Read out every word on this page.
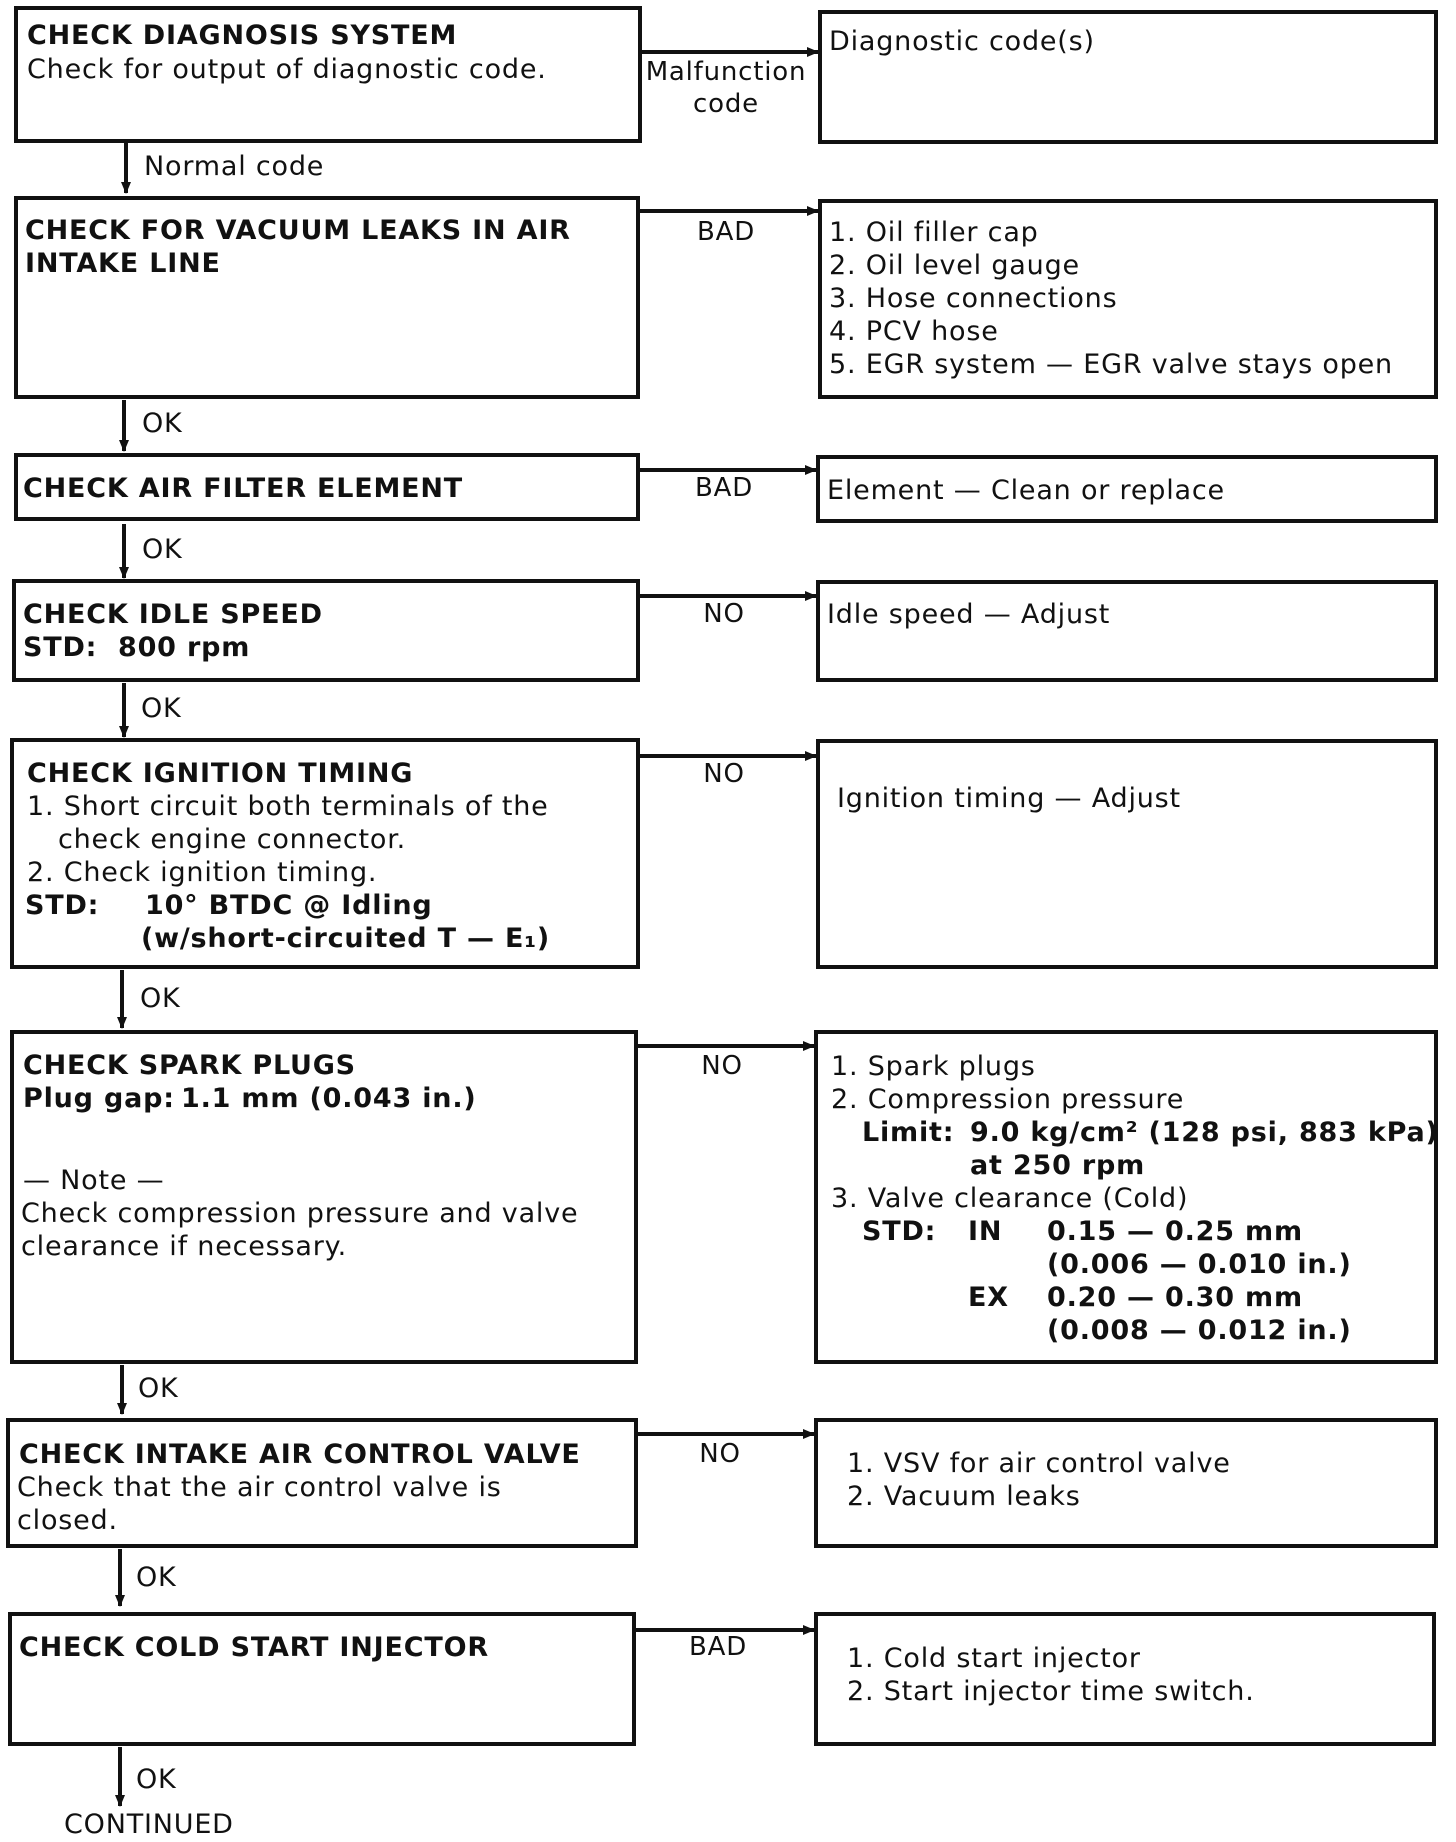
CHECK DIAGNOSIS SYSTEM
Check for output of diagnostic code.	Malfunction
code
Diagnostic code(s)
Normal code
CHECK FOR VACUUM LEAKS IN AIR
INTAKE LINE
BAD	1. Oil filler cap
2. Oil level gauge
3. Hose connections
4. PCV hose
5. EGR system — EGR valve stays open
OK
CHECK AIR FILTER ELEMENT	BAD	Element — Clean or replace
OK
CHECK IDLE SPEED
STD: 800 rpm
NO	Idle speed — Adjust
OK
CHECK IGNITION TIMING
1. Short circuit both terminals of the
check engine connector.
2. Check ignition timing.
STD: 10° BTDC @ Idling
(w/short-circuited T — E₁)
NO
Ignition timing — Adjust
OK
CHECK SPARK PLUGS
Plug gap: 1.1 mm (0.043 in.)
— Note —
Check compression pressure and valve
clearance if necessary.
NO	1. Spark plugs
2. Compression pressure
Limit: 9.0 kg/cm² (128 psi, 883 kPa)
at 250 rpm
3. Valve clearance (Cold)
STD: IN 0.15 — 0.25 mm
(0.006 — 0.010 in.)
EX 0.20 — 0.30 mm
(0.008 — 0.012 in.)
OK
CHECK INTAKE AIR CONTROL VALVE
Check that the air control valve is
closed.
NO	1. VSV for air control valve
2. Vacuum leaks
OK
CHECK COLD START INJECTOR	BAD	1. Cold start injector
2. Start injector time switch.
OK
CONTINUED
